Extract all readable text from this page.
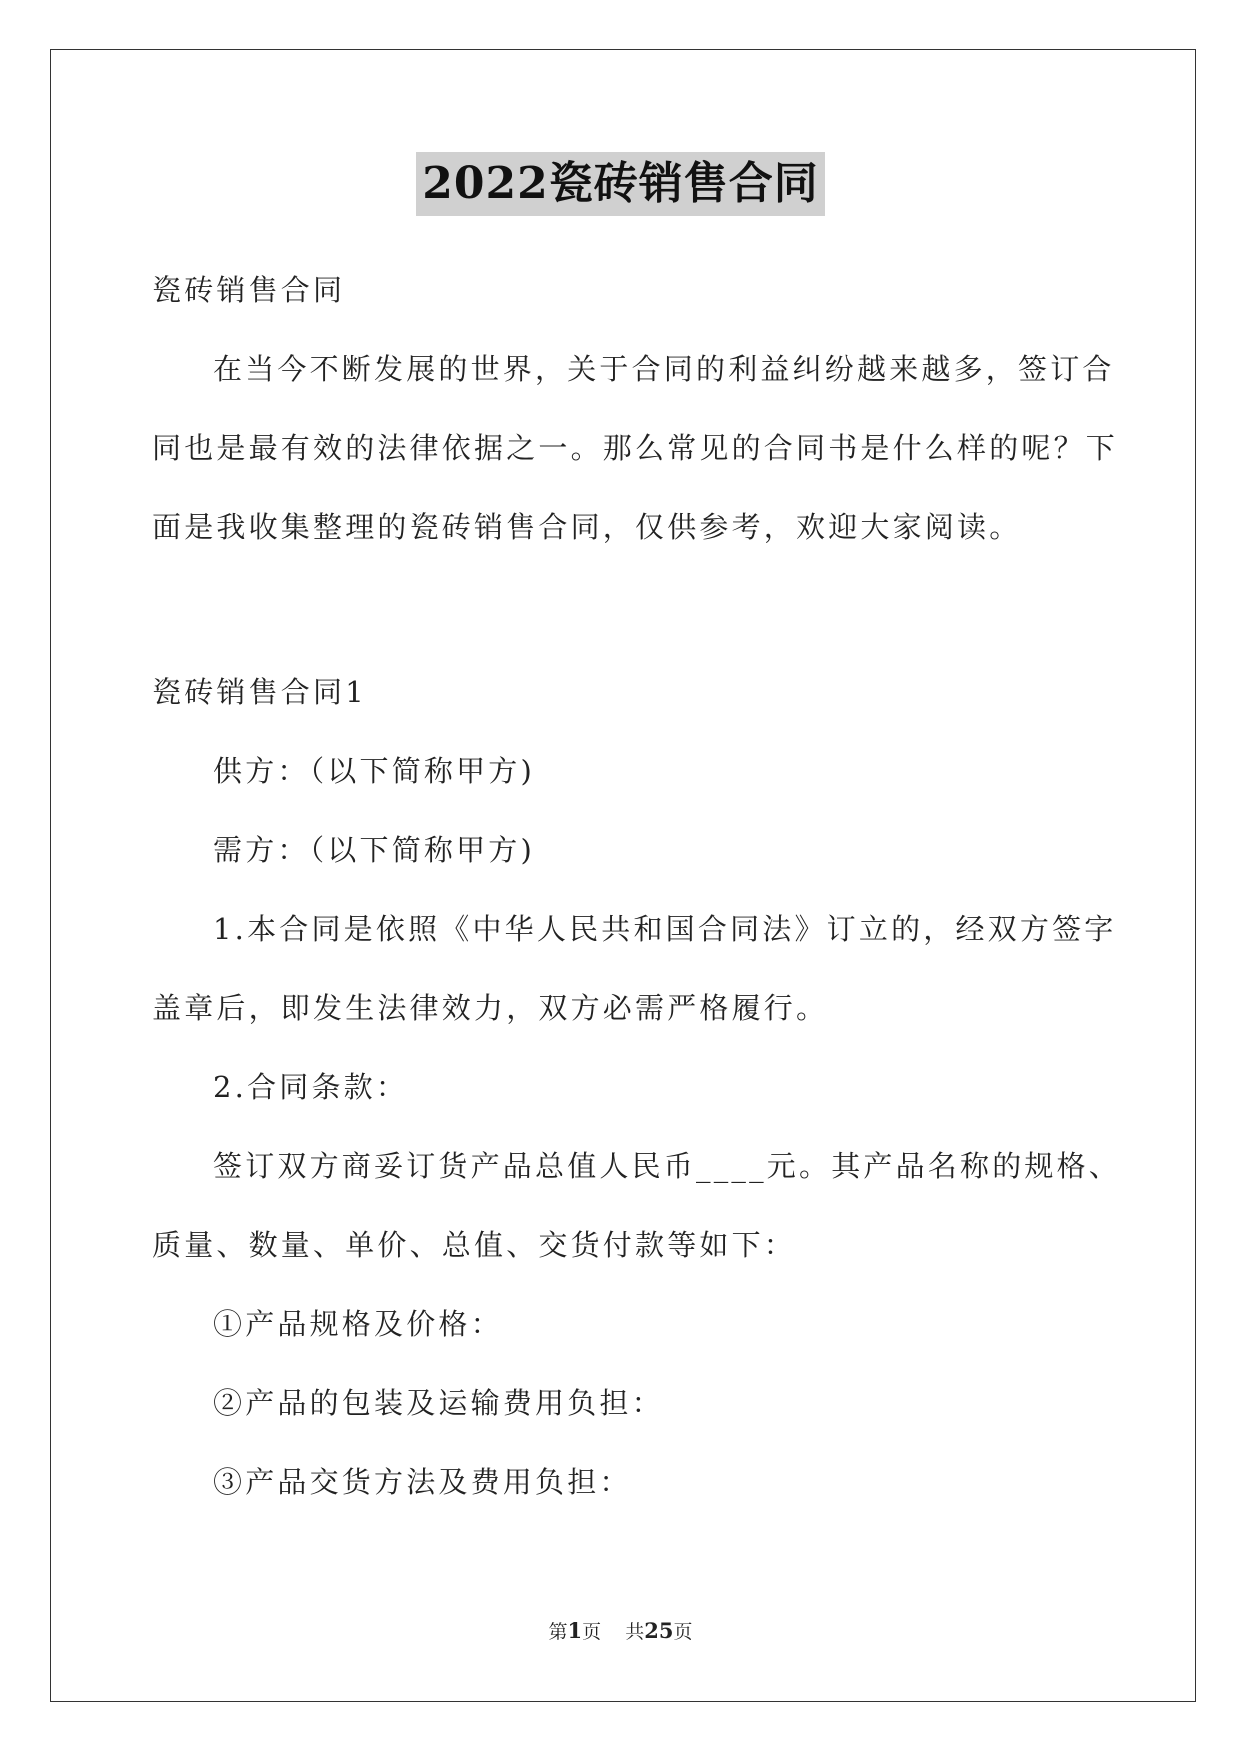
2022瓷砖销售合同
瓷砖销售合同
在当今不断发展的世界，关于合同的利益纠纷越来越多，签订合
同也是最有效的法律依据之一。那么常见的合同书是什么样的呢？下
面是我收集整理的瓷砖销售合同，仅供参考，欢迎大家阅读。
瓷砖销售合同1
供方：（以下简称甲方)
需方：（以下简称甲方)
1.本合同是依照《中华人民共和国合同法》订立的，经双方签字
盖章后，即发生法律效力，双方必需严格履行。
2.合同条款：
签订双方商妥订货产品总值人民币____元。其产品名称的规格、
质量、数量、单价、总值、交货付款等如下：
①产品规格及价格：
②产品的包装及运输费用负担：
③产品交货方法及费用负担：
第1页 共25页
